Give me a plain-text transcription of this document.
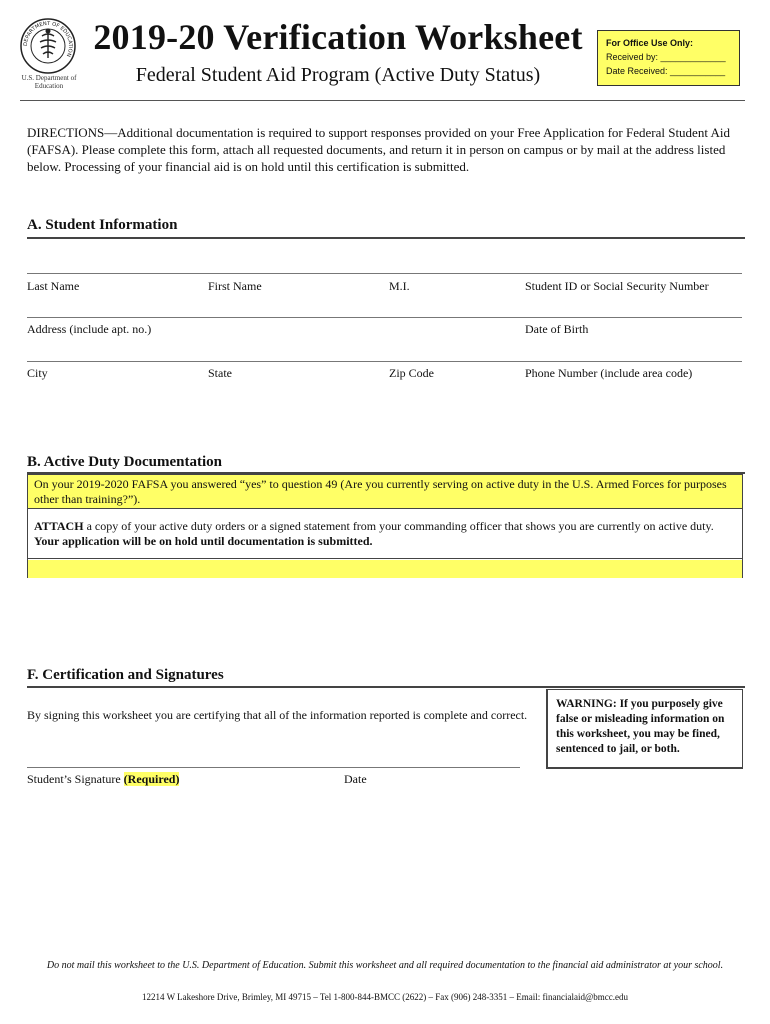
DEPARTMENT OF EDUCATION
U.S. Department of Education
2019-20 Verification Worksheet
Federal Student Aid Program (Active Duty Status)
For Office Use Only:
Received by: _____________
Date Received: ___________
DIRECTIONS—Additional documentation is required to support responses provided on your Free Application for Federal Student Aid (FAFSA). Please complete this form, attach all requested documents, and return it in person on campus or by mail at the address listed below. Processing of your financial aid is on hold until this certification is submitted.
A. Student Information
Last Name	First Name	M.I.	Student ID or Social Security Number
Address (include apt. no.)	Date of Birth
City	State	Zip Code	Phone Number (include area code)
B. Active Duty Documentation
On your 2019-2020 FAFSA you answered “yes” to question 49 (Are you currently serving on active duty in the U.S. Armed Forces for purposes other than training?”).
ATTACH a copy of your active duty orders or a signed statement from your commanding officer that shows you are currently on active duty.
Your application will be on hold until documentation is submitted.
F. Certification and Signatures
By signing this worksheet you are certifying that all of the information reported is complete and correct.
WARNING: If you purposely give false or misleading information on this worksheet, you may be fined, sentenced to jail, or both.
Student’s Signature (Required)	Date
Do not mail this worksheet to the U.S. Department of Education. Submit this worksheet and all required documentation to the financial aid administrator at your school.
12214 W Lakeshore Drive, Brimley, MI 49715 – Tel 1-800-844-BMCC (2622) – Fax (906) 248-3351 – Email: financialaid@bmcc.edu
